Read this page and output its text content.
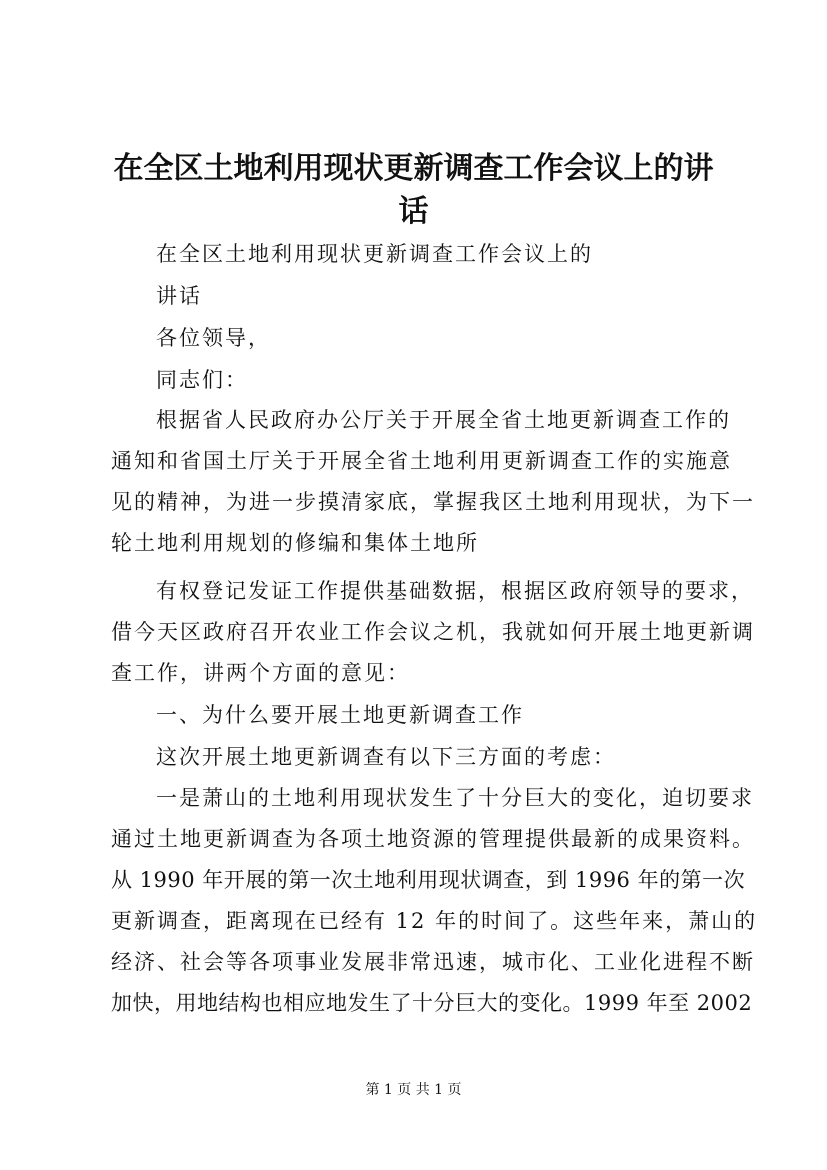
在全区土地利用现状更新调查工作会议上的讲
话
在全区土地利用现状更新调查工作会议上的
讲话
各位领导，
同志们：
根据省人民政府办公厅关于开展全省土地更新调查工作的
通知和省国土厅关于开展全省土地利用更新调查工作的实施意
见的精神，为进一步摸清家底，掌握我区土地利用现状，为下一
轮土地利用规划的修编和集体土地所
有权登记发证工作提供基础数据，根据区政府领导的要求，
借今天区政府召开农业工作会议之机，我就如何开展土地更新调
查工作，讲两个方面的意见：
一、为什么要开展土地更新调查工作
这次开展土地更新调查有以下三方面的考虑：
一是萧山的土地利用现状发生了十分巨大的变化，迫切要求
通过土地更新调查为各项土地资源的管理提供最新的成果资料。
从 1990 年开展的第一次土地利用现状调查，到 1996 年的第一次
更新调查，距离现在已经有 12 年的时间了。这些年来，萧山的
经济、社会等各项事业发展非常迅速，城市化、工业化进程不断
加快，用地结构也相应地发生了十分巨大的变化。1999 年至 2002
第 1 页 共 1 页
